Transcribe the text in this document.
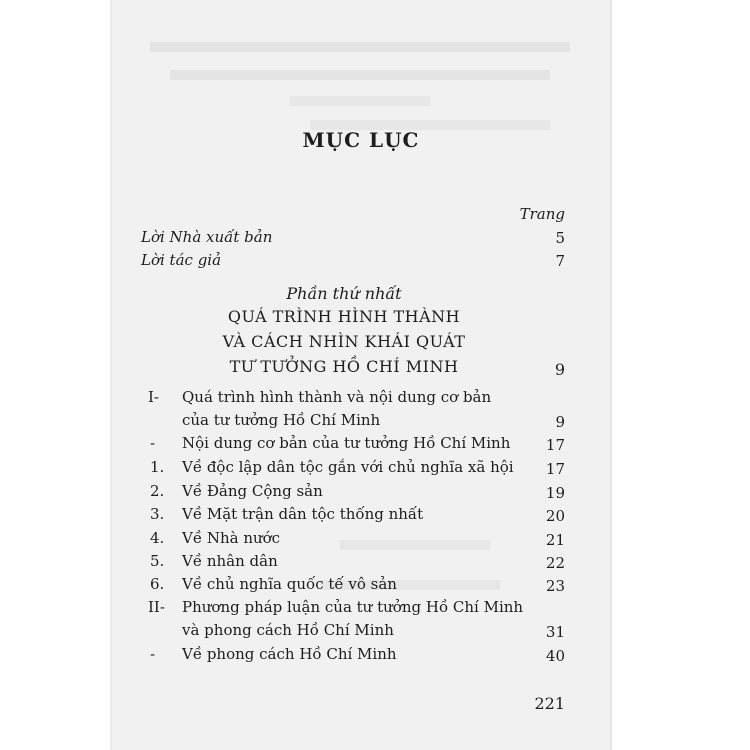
MỤC LỤC
Trang
Lời Nhà xuất bản	5
Lời tác giả	7
Phần thứ nhất
QUÁ TRÌNH HÌNH THÀNH
VÀ CÁCH NHÌN KHÁI QUÁT
TƯ TƯỞNG HỒ CHÍ MINH	9
I- Quá trình hình thành và nội dung cơ bản
của tư tưởng Hồ Chí Minh	9
- Nội dung cơ bản của tư tưởng Hồ Chí Minh 17
1. Về độc lập dân tộc gắn với chủ nghĩa xã hội 17
2. Về Đảng Cộng sản	19
3. Về Mặt trận dân tộc thống nhất	20
4. Về Nhà nước	21
5. Về nhân dân	22
6. Về chủ nghĩa quốc tế vô sản	23
II- Phương pháp luận của tư tưởng Hồ Chí Minh
và phong cách Hồ Chí Minh	31
- Về phong cách Hồ Chí Minh	40
221
